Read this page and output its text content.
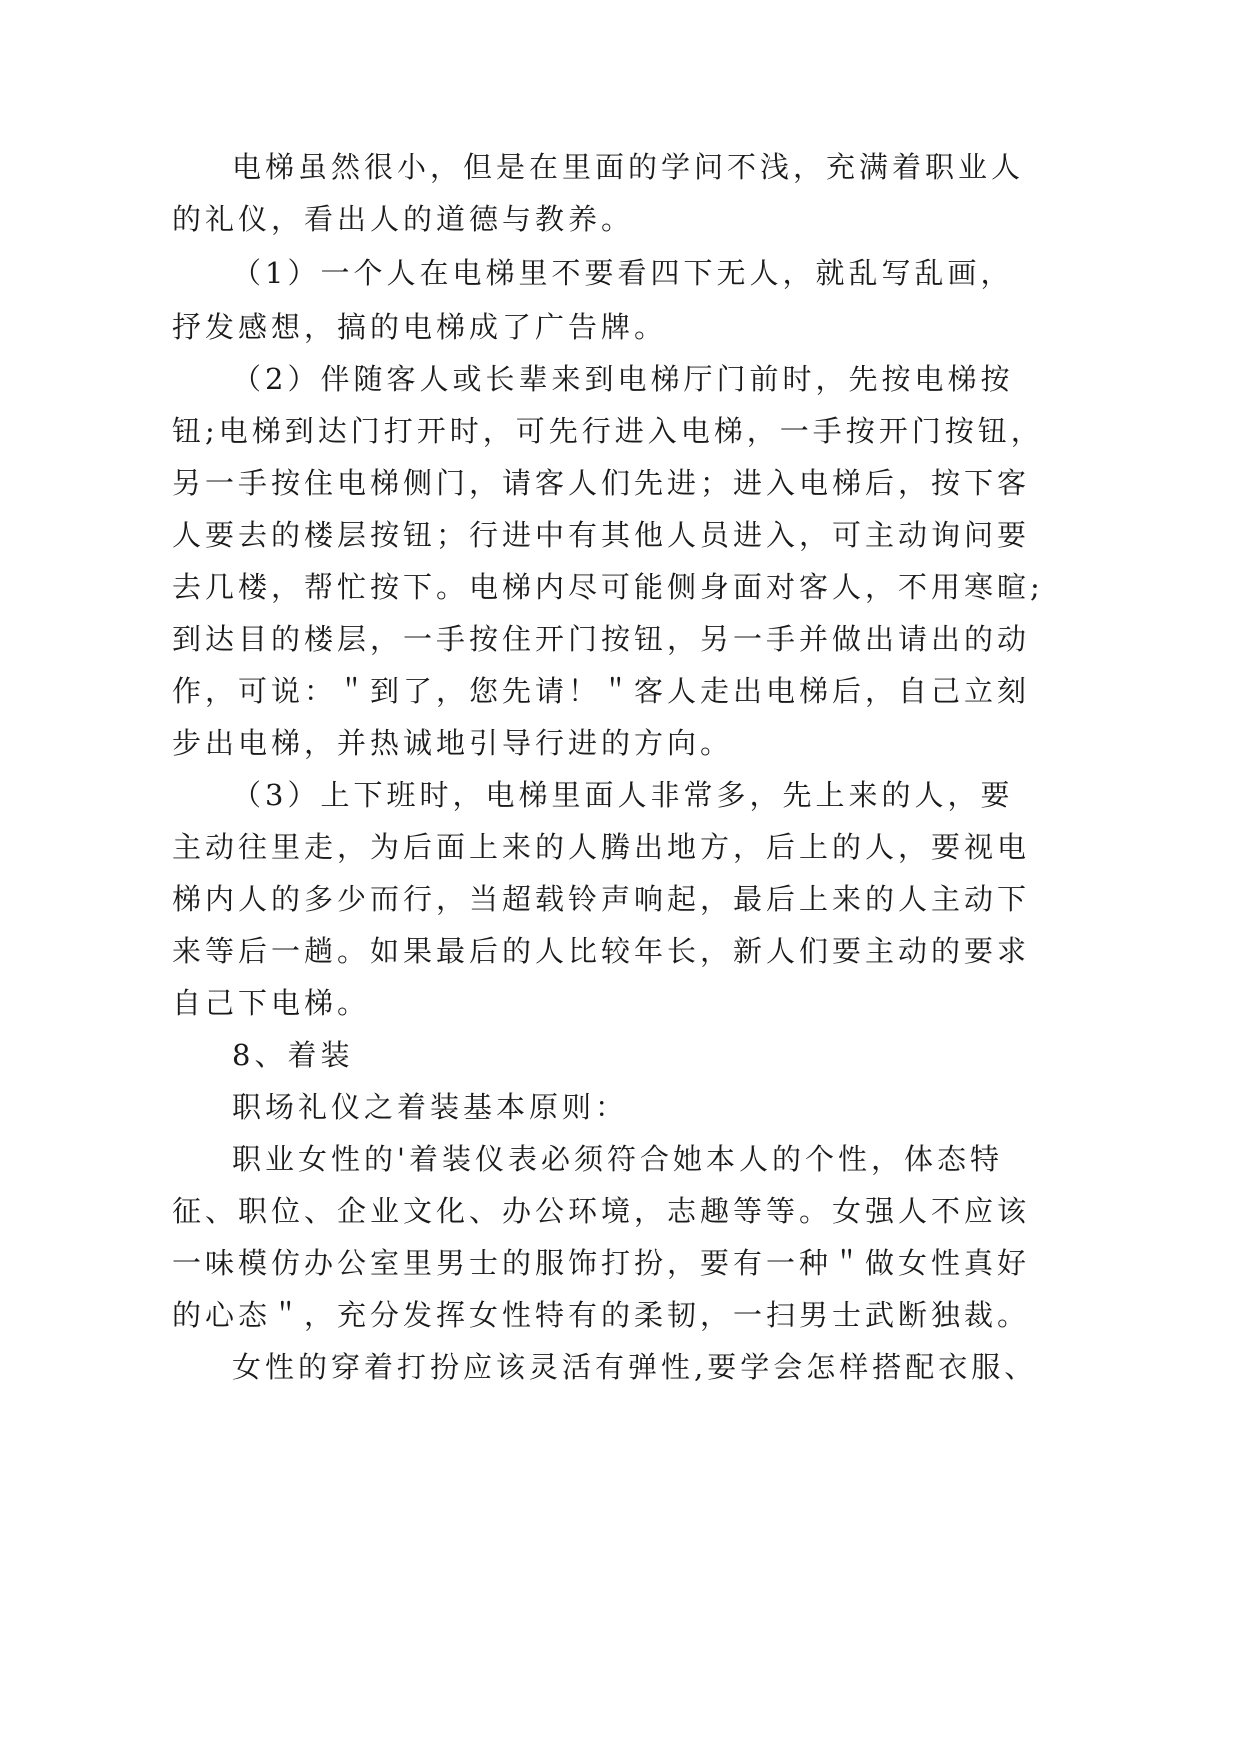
电梯虽然很小，但是在里面的学问不浅，充满着职业人
的礼仪，看出人的道德与教养。
（1）一个人在电梯里不要看四下无人，就乱写乱画，
抒发感想，搞的电梯成了广告牌。
（2）伴随客人或长辈来到电梯厅门前时，先按电梯按
钮;电梯到达门打开时，可先行进入电梯，一手按开门按钮，
另一手按住电梯侧门，请客人们先进；进入电梯后，按下客
人要去的楼层按钮；行进中有其他人员进入，可主动询问要
去几楼，帮忙按下。电梯内尽可能侧身面对客人，不用寒暄;
到达目的楼层，一手按住开门按钮，另一手并做出请出的动
作，可说：＂到了，您先请！＂客人走出电梯后，自己立刻
步出电梯，并热诚地引导行进的方向。
（3）上下班时，电梯里面人非常多，先上来的人，要
主动往里走，为后面上来的人腾出地方，后上的人，要视电
梯内人的多少而行，当超载铃声响起，最后上来的人主动下
来等后一趟。如果最后的人比较年长，新人们要主动的要求
自己下电梯。
8、着装
职场礼仪之着装基本原则：
职业女性的'着装仪表必须符合她本人的个性，体态特
征、职位、企业文化、办公环境，志趣等等。女强人不应该
一味模仿办公室里男士的服饰打扮，要有一种＂做女性真好
的心态＂，充分发挥女性特有的柔韧，一扫男士武断独裁。
女性的穿着打扮应该灵活有弹性,要学会怎样搭配衣服、
